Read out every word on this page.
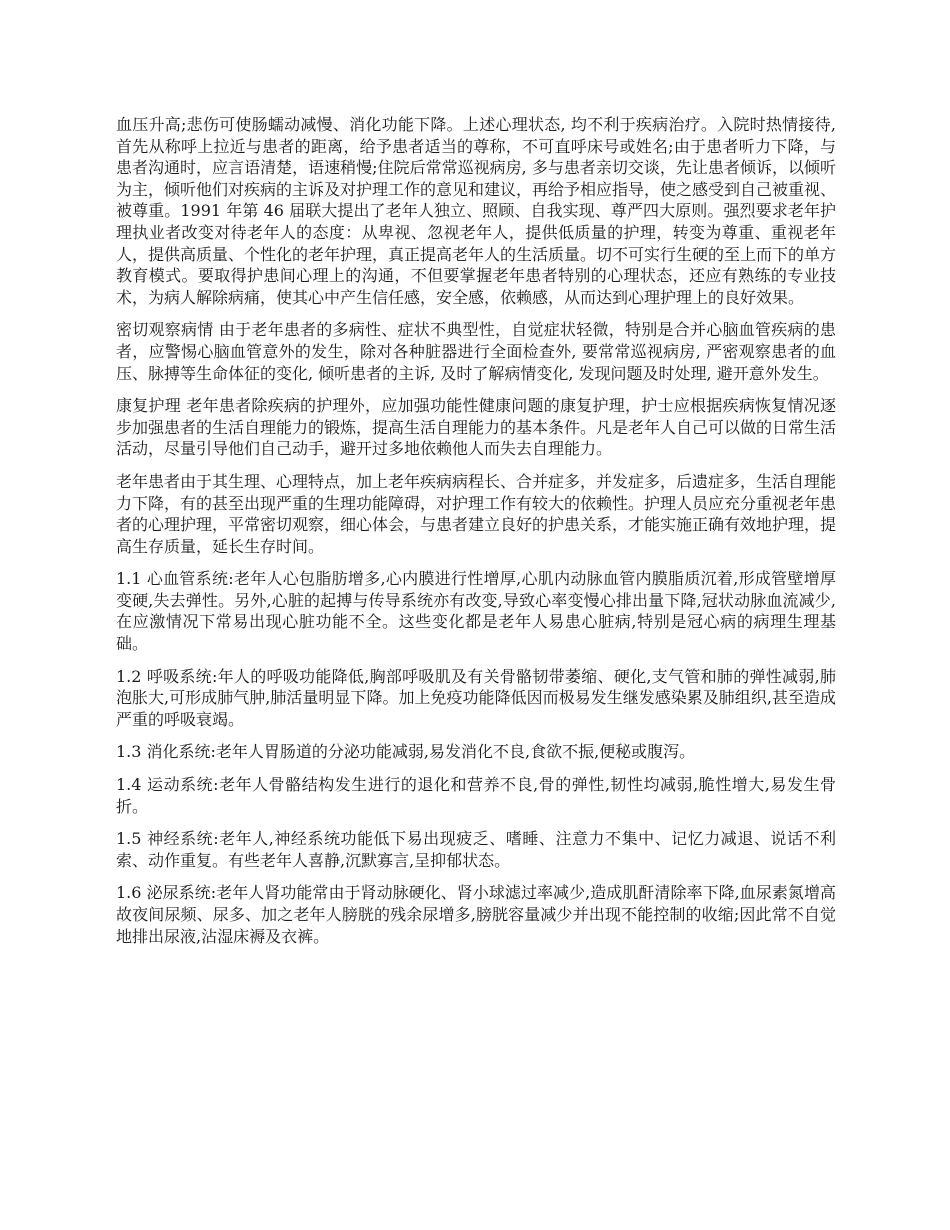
血压升高;悲伤可使肠蠕动减慢、消化功能下降。上述心理状态, 均不利于疾病治疗。入院时热情接待,首先从称呼上拉近与患者的距离，给予患者适当的尊称，不可直呼床号或姓名;由于患者听力下降，与患者沟通时，应言语清楚，语速稍慢;住院后常常巡视病房, 多与患者亲切交谈，先让患者倾诉，以倾听为主，倾听他们对疾病的主诉及对护理工作的意见和建议，再给予相应指导，使之感受到自己被重视、被尊重。1991 年第 46 届联大提出了老年人独立、照顾、自我实现、尊严四大原则。强烈要求老年护理执业者改变对待老年人的态度：从卑视、忽视老年人，提供低质量的护理，转变为尊重、重视老年人，提供高质量、个性化的老年护理，真正提高老年人的生活质量。切不可实行生硬的至上而下的单方教育模式。要取得护患间心理上的沟通，不但要掌握老年患者特别的心理状态，还应有熟练的专业技术，为病人解除病痛，使其心中产生信任感，安全感，依赖感，从而达到心理护理上的良好效果。

密切观察病情 由于老年患者的多病性、症状不典型性，自觉症状轻微，特别是合并心脑血管疾病的患者，应警惕心脑血管意外的发生，除对各种脏器进行全面检查外, 要常常巡视病房, 严密观察患者的血压、脉搏等生命体征的变化, 倾听患者的主诉, 及时了解病情变化, 发现问题及时处理, 避开意外发生。

康复护理 老年患者除疾病的护理外，应加强功能性健康问题的康复护理，护士应根据疾病恢复情况逐步加强患者的生活自理能力的锻炼，提高生活自理能力的基本条件。凡是老年人自己可以做的日常生活活动，尽量引导他们自己动手，避开过多地依赖他人而失去自理能力。

老年患者由于其生理、心理特点，加上老年疾病病程长、合并症多，并发症多，后遗症多，生活自理能力下降，有的甚至出现严重的生理功能障碍，对护理工作有较大的依赖性。护理人员应充分重视老年患者的心理护理，平常密切观察，细心体会，与患者建立良好的护患关系，才能实施正确有效地护理，提高生存质量，延长生存时间。

1.1 心血管系统:老年人心包脂肪增多,心内膜进行性增厚,心肌内动脉血管内膜脂质沉着,形成管壁增厚变硬,失去弹性。另外,心脏的起搏与传导系统亦有改变,导致心率变慢心排出量下降,冠状动脉血流减少,在应激情况下常易出现心脏功能不全。这些变化都是老年人易患心脏病,特别是冠心病的病理生理基础。

1.2 呼吸系统:年人的呼吸功能降低,胸部呼吸肌及有关骨骼韧带萎缩、硬化,支气管和肺的弹性减弱,肺泡胀大,可形成肺气肿,肺活量明显下降。加上免疫功能降低因而极易发生继发感染累及肺组织,甚至造成严重的呼吸衰竭。

1.3 消化系统:老年人胃肠道的分泌功能减弱,易发消化不良,食欲不振,便秘或腹泻。

1.4 运动系统:老年人骨骼结构发生进行的退化和营养不良,骨的弹性,韧性均减弱,脆性增大,易发生骨折。

1.5 神经系统:老年人,神经系统功能低下易出现疲乏、嗜睡、注意力不集中、记忆力减退、说话不利索、动作重复。有些老年人喜静,沉默寡言,呈抑郁状态。

1.6 泌尿系统:老年人肾功能常由于肾动脉硬化、肾小球滤过率减少,造成肌酐清除率下降,血尿素氮增高故夜间尿频、尿多、加之老年人膀胱的残余尿增多,膀胱容量减少并出现不能控制的收缩;因此常不自觉地排出尿液,沾湿床褥及衣裤。
